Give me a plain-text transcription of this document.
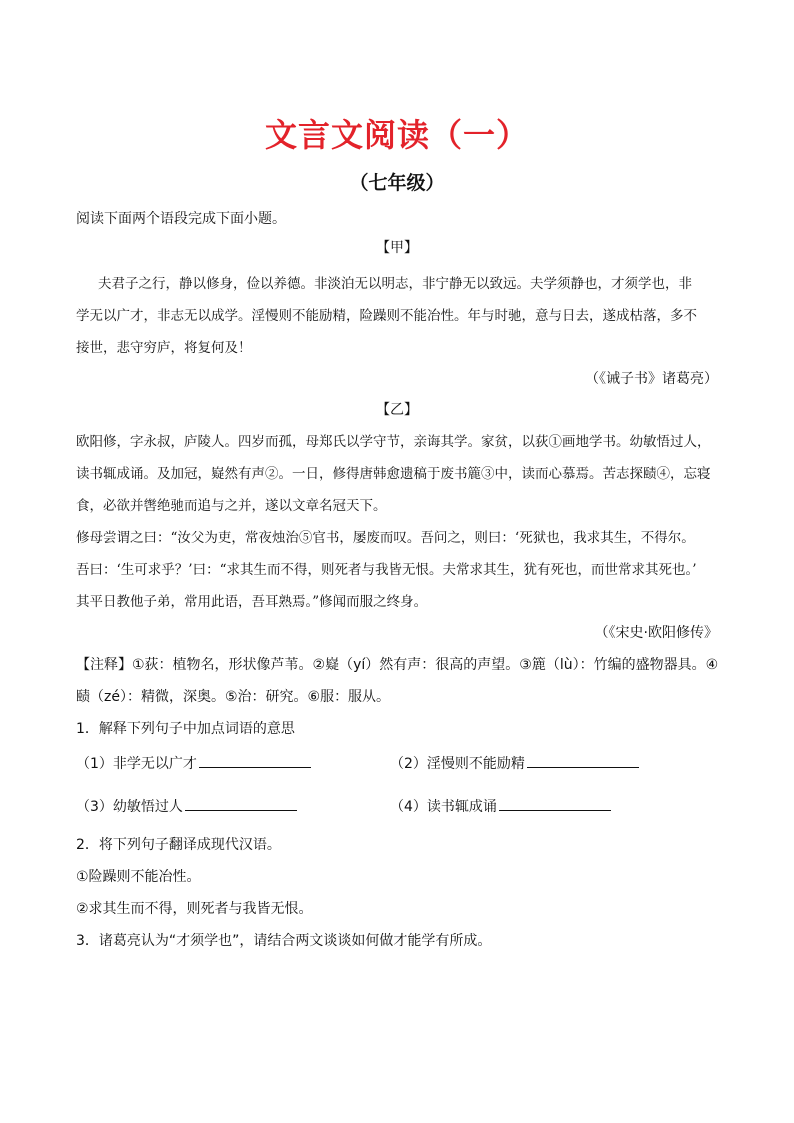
文言文阅读（一）
（七年级）
阅读下面两个语段完成下面小题。
【甲】
夫君子之行，静以修身，俭以养德。非淡泊无以明志，非宁静无以致远。夫学须静也，才须学也，非
学无以广才，非志无以成学。淫慢则不能励精，险躁则不能冶性。年与时驰，意与日去，遂成枯落，多不
接世，悲守穷庐，将复何及！
（《诫子书》诸葛亮）
【乙】
欧阳修，字永叔，庐陵人。四岁而孤，母郑氏以学守节，亲诲其学。家贫，以荻①画地学书。幼敏悟过人，
读书辄成诵。及加冠，嶷然有声②。一日，修得唐韩愈遗稿于废书簏③中，读而心慕焉。苦志探赜④，忘寝
食，必欲并辔绝驰而追与之并，遂以文章名冠天下。
修母尝谓之曰：“汝父为吏，常夜烛治⑤官书，屡废而叹。吾问之，则曰：‘死狱也，我求其生，不得尔。
吾曰：‘生可求乎？’曰：“求其生而不得，则死者与我皆无恨。夫常求其生，犹有死也，而世常求其死也。’
其平日教他子弟，常用此语，吾耳熟焉。”修闻而服之终身。
（《宋史·欧阳修传》
【注释】①荻：植物名，形状像芦苇。②嶷（yí）然有声：很高的声望。③簏（lù）：竹编的盛物器具。④
赜（zé）：精微，深奥。⑤治：研究。⑥服：服从。
1．解释下列句子中加点词语的意思
（1）非学无以广才	（2）淫慢则不能励精
（3）幼敏悟过人	（4）读书辄成诵
2．将下列句子翻译成现代汉语。
①险躁则不能冶性。
②求其生而不得，则死者与我皆无恨。
3．诸葛亮认为“才须学也”，请结合两文谈谈如何做才能学有所成。
